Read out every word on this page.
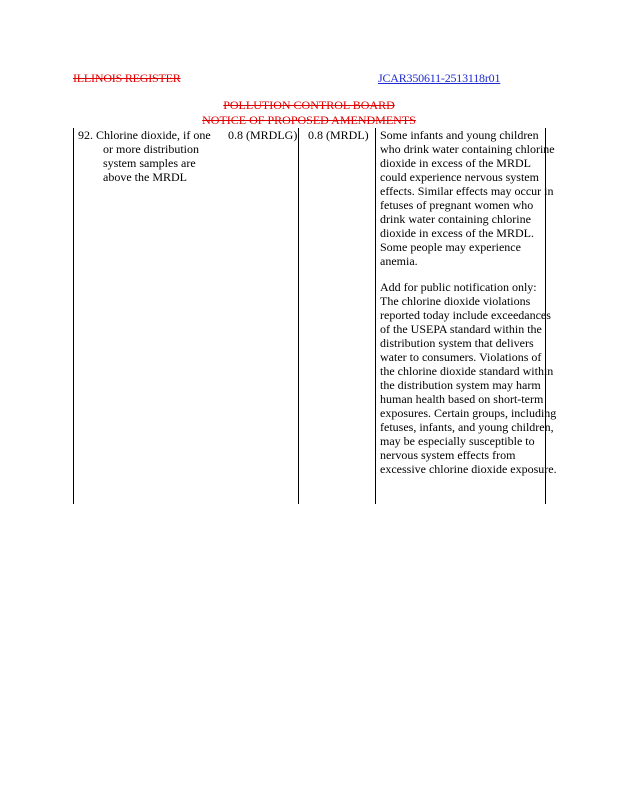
ILLINOIS REGISTER	JCAR350611-2513118r01
POLLUTION CONTROL BOARD
NOTICE OF PROPOSED AMENDMENTS
92. Chlorine dioxide, if one
or more distribution
system samples are
above the MRDL
0.8 (MRDLG) 0.8 (MRDL) Some infants and young children who drink water containing chlorine dioxide in excess of the MRDL could experience nervous system effects. Similar effects may occur in fetuses of pregnant women who drink water containing chlorine dioxide in excess of the MRDL. Some people may experience anemia.

Add for public notification only: The chlorine dioxide violations reported today include exceedances of the USEPA standard within the distribution system that delivers water to consumers. Violations of the chlorine dioxide standard within the distribution system may harm human health based on short-term exposures. Certain groups, including fetuses, infants, and young children, may be especially susceptible to nervous system effects from excessive chlorine dioxide exposure.
